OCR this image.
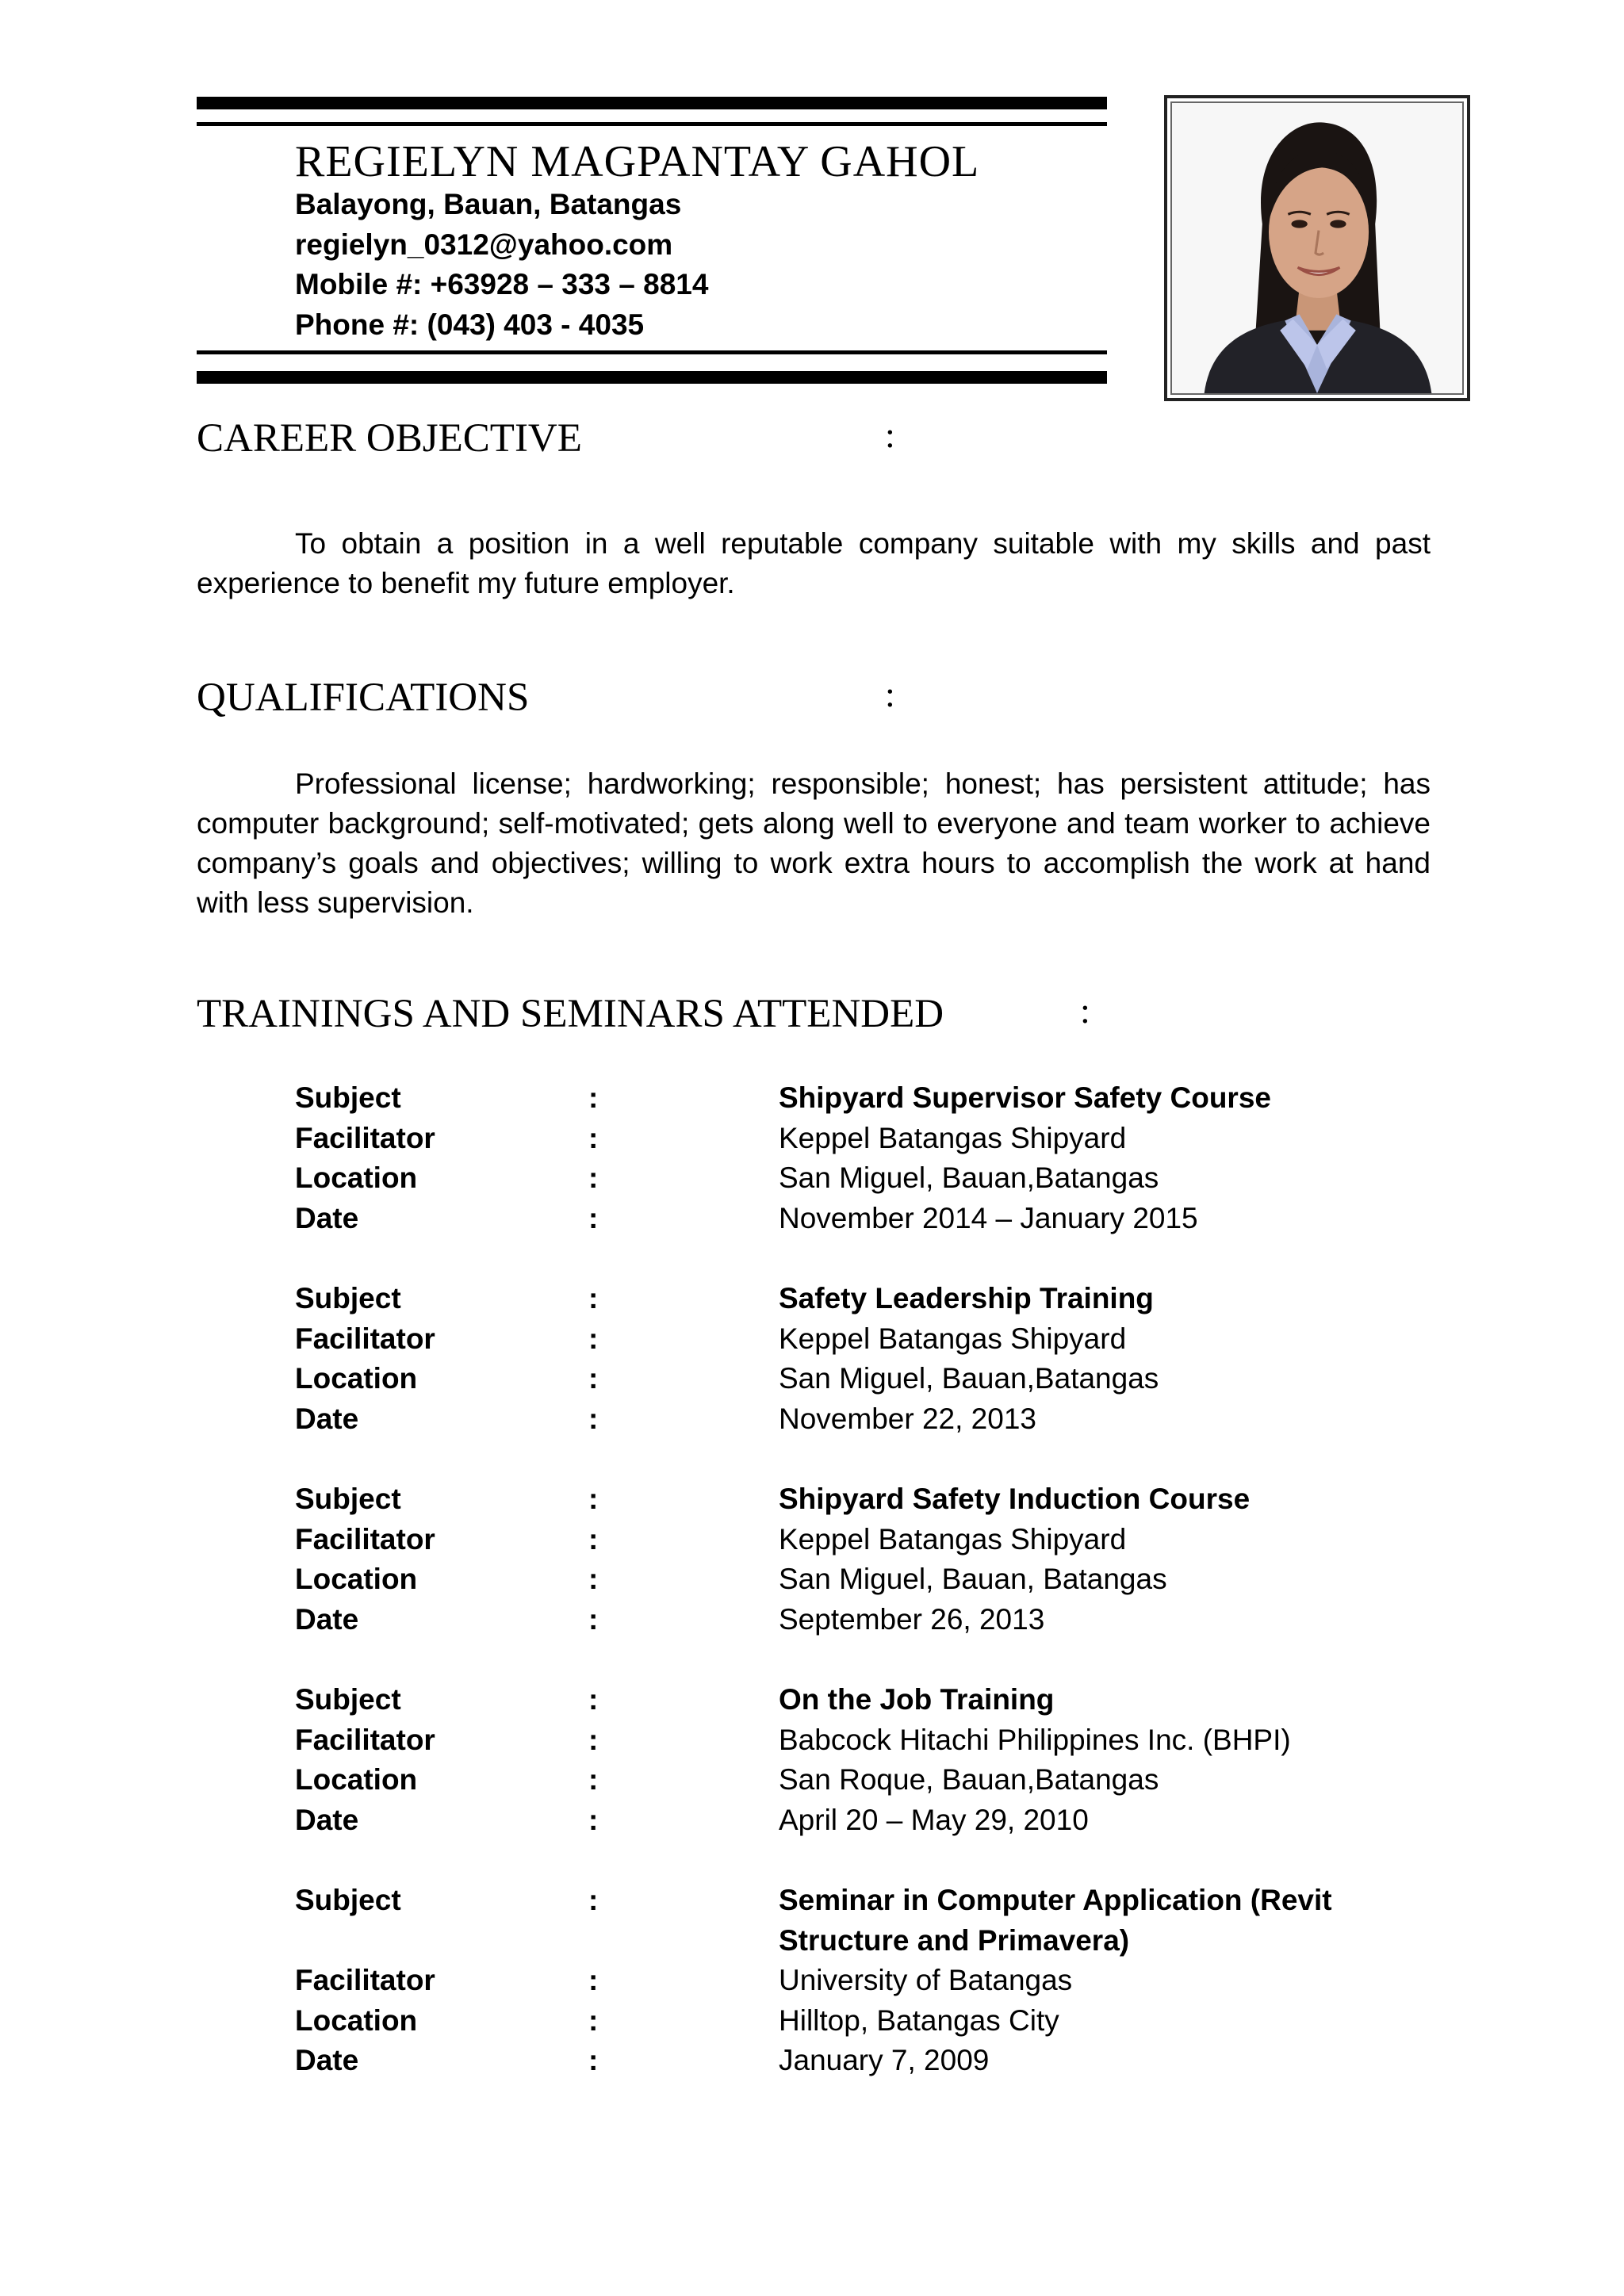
REGIELYN MAGPANTAY GAHOL

Balayong, Bauan, Batangas

regielyn_0312@yahoo.com

Mobile #: +63928 – 333 – 8814

Phone #: (043) 403 - 4035

CAREER OBJECTIVE	:

To obtain a position in a well reputable company suitable with my skills and past experience to benefit my future employer.

QUALIFICATIONS	:

Professional license; hardworking; responsible; honest; has persistent attitude; has computer background; self-motivated; gets along well to everyone and team worker to achieve company’s goals and objectives; willing to work extra hours to accomplish the work at hand with less supervision.

TRAININGS AND SEMINARS ATTENDED	:
Subject	:	Shipyard Supervisor Safety Course
Facilitator	:	Keppel Batangas Shipyard
Location	:	San Miguel, Bauan,Batangas
Date	:	November 2014 – January 2015
Subject	:	Safety Leadership Training
Facilitator	:	Keppel Batangas Shipyard
Location	:	San Miguel, Bauan,Batangas
Date	:	November 22, 2013
Subject	:	Shipyard Safety Induction Course
Facilitator	:	Keppel Batangas Shipyard
Location	:	San Miguel, Bauan, Batangas
Date	:	September 26, 2013
Subject	:	On the Job Training
Facilitator	:	Babcock Hitachi Philippines Inc. (BHPI)
Location	:	San Roque, Bauan,Batangas
Date	:	April 20 – May 29, 2010
Subject	:	Seminar in Computer Application (Revit Structure and Primavera)
Facilitator	:	University of Batangas
Location	:	Hilltop, Batangas City
Date	:	January 7, 2009
